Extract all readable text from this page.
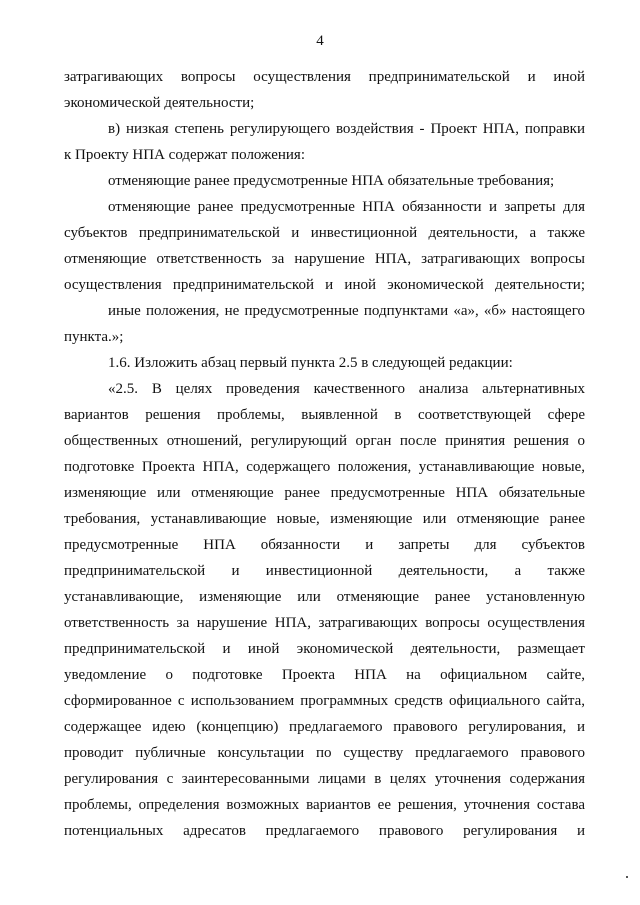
4
затрагивающих вопросы осуществления предпринимательской и иной
экономической деятельности;
в) низкая степень регулирующего воздействия - Проект НПА, поправки
к Проекту НПА содержат положения:
отменяющие ранее предусмотренные НПА обязательные требования;
отменяющие ранее предусмотренные НПА обязанности и запреты для
субъектов предпринимательской и инвестиционной деятельности, а также
отменяющие ответственность за нарушение НПА, затрагивающих вопросы
осуществления предпринимательской и иной экономической деятельности;
иные положения, не предусмотренные подпунктами «а», «б» настоящего
пункта.»;
1.6. Изложить абзац первый пункта 2.5 в следующей редакции:
«2.5. В целях проведения качественного анализа альтернативных
вариантов решения проблемы, выявленной в соответствующей сфере
общественных отношений, регулирующий орган после принятия решения о
подготовке Проекта НПА, содержащего положения, устанавливающие новые,
изменяющие или отменяющие ранее предусмотренные НПА обязательные
требования, устанавливающие новые, изменяющие или отменяющие ранее
предусмотренные НПА обязанности и запреты для субъектов
предпринимательской и инвестиционной деятельности, а также
устанавливающие, изменяющие или отменяющие ранее установленную
ответственность за нарушение НПА, затрагивающих вопросы осуществления
предпринимательской и иной экономической деятельности, размещает
уведомление о подготовке Проекта НПА на официальном сайте,
сформированное с использованием программных средств официального сайта,
содержащее идею (концепцию) предлагаемого правового регулирования, и
проводит публичные консультации по существу предлагаемого правового
регулирования с заинтересованными лицами в целях уточнения содержания
проблемы, определения возможных вариантов ее решения, уточнения состава
потенциальных адресатов предлагаемого правового регулирования и
